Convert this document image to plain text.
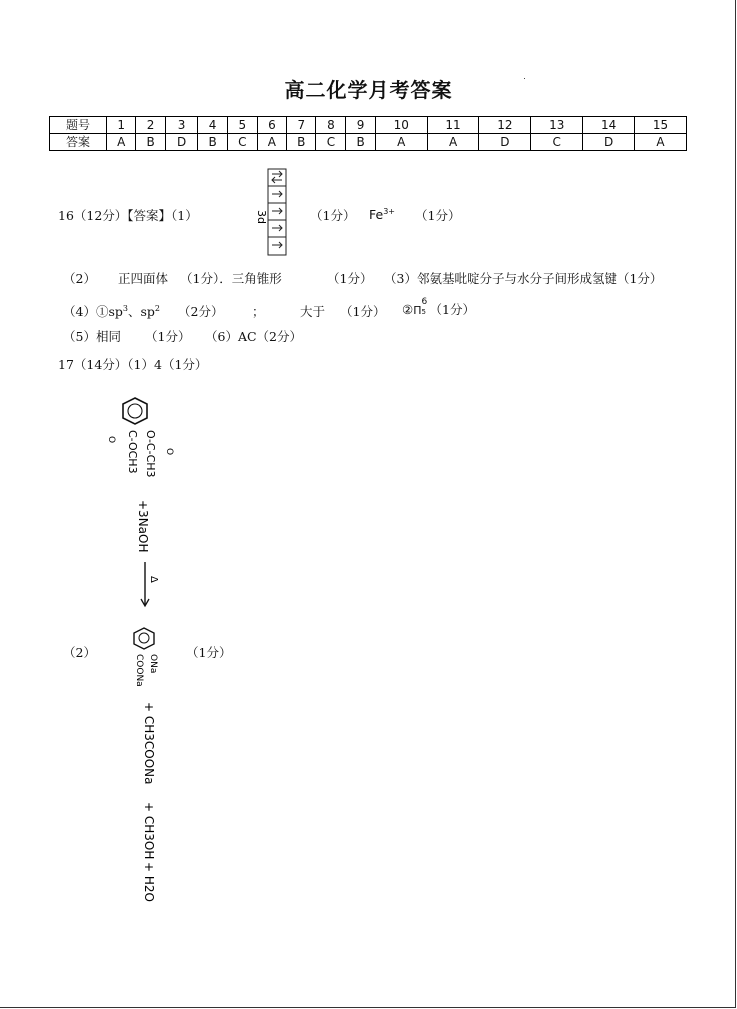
高二化学月考答案
题号	1	2	3	4	5	6	7	8	9	10	11	12	13	14	15
答案	A	B	D	B	C	A	B	C	B	A	A	D	C	D	A
16（12分）【答案】（1）	3d	（1分） $Fe^{3+}$ （1分）
（2） 正四面体 （1分）．三角锥形	（1分） （3）邻氨基吡啶分子与水分子间形成氢键（1分）
$(4)①sp^3$、$sp^2$ （2分） ；	大于 （1分） ②Π
6
5 （1分）
（5）相同 （1分） （6）AC（2分）
17（14分）（1）4（1分）
O-C-CH3 O
C-OCH3
O
+3NaOH
Δ
（2）	（1分）
ONa
COONa
+ CH3COONa
+ CH3OH
+ H2O
